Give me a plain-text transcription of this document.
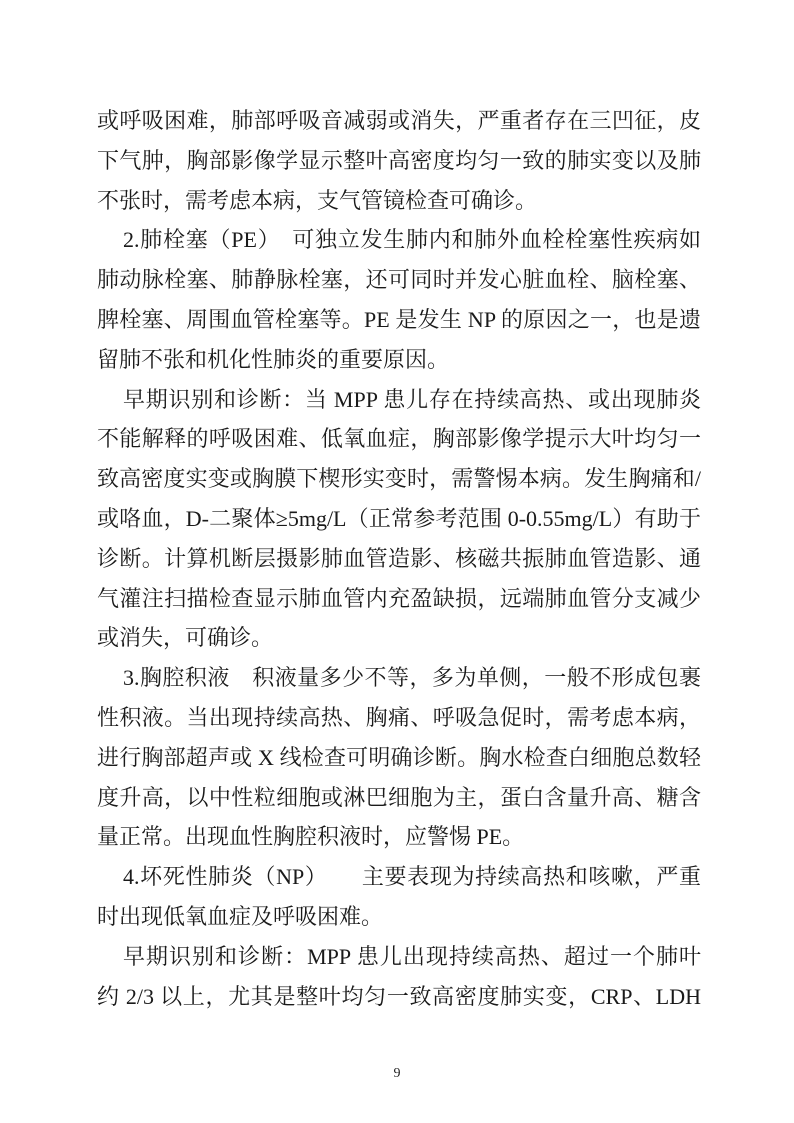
或呼吸困难，肺部呼吸音减弱或消失，严重者存在三凹征，皮
下气肿，胸部影像学显示整叶高密度均匀一致的肺实变以及肺
不张时，需考虑本病，支气管镜检查可确诊。
2.肺栓塞（PE）　可独立发生肺内和肺外血栓栓塞性疾病如
肺动脉栓塞、肺静脉栓塞，还可同时并发心脏血栓、脑栓塞、
脾栓塞、周围血管栓塞等。PE 是发生 NP 的原因之一，也是遗
留肺不张和机化性肺炎的重要原因。
早期识别和诊断：当 MPP 患儿存在持续高热、或出现肺炎
不能解释的呼吸困难、低氧血症，胸部影像学提示大叶均匀一
致高密度实变或胸膜下楔形实变时，需警惕本病。发生胸痛和/
或咯血，D-二聚体≥5mg/L（正常参考范围 0-0.55mg/L）有助于
诊断。计算机断层摄影肺血管造影、核磁共振肺血管造影、通
气灌注扫描检查显示肺血管内充盈缺损，远端肺血管分支减少
或消失，可确诊。
3.胸腔积液　积液量多少不等，多为单侧，一般不形成包裹
性积液。当出现持续高热、胸痛、呼吸急促时，需考虑本病，
进行胸部超声或 X 线检查可明确诊断。胸水检查白细胞总数轻
度升高，以中性粒细胞或淋巴细胞为主，蛋白含量升高、糖含
量正常。出现血性胸腔积液时，应警惕 PE。
4.坏死性肺炎（NP）　　主要表现为持续高热和咳嗽，严重
时出现低氧血症及呼吸困难。
早期识别和诊断：MPP 患儿出现持续高热、超过一个肺叶
约 2/3 以上，尤其是整叶均匀一致高密度肺实变，CRP、LDH
9
